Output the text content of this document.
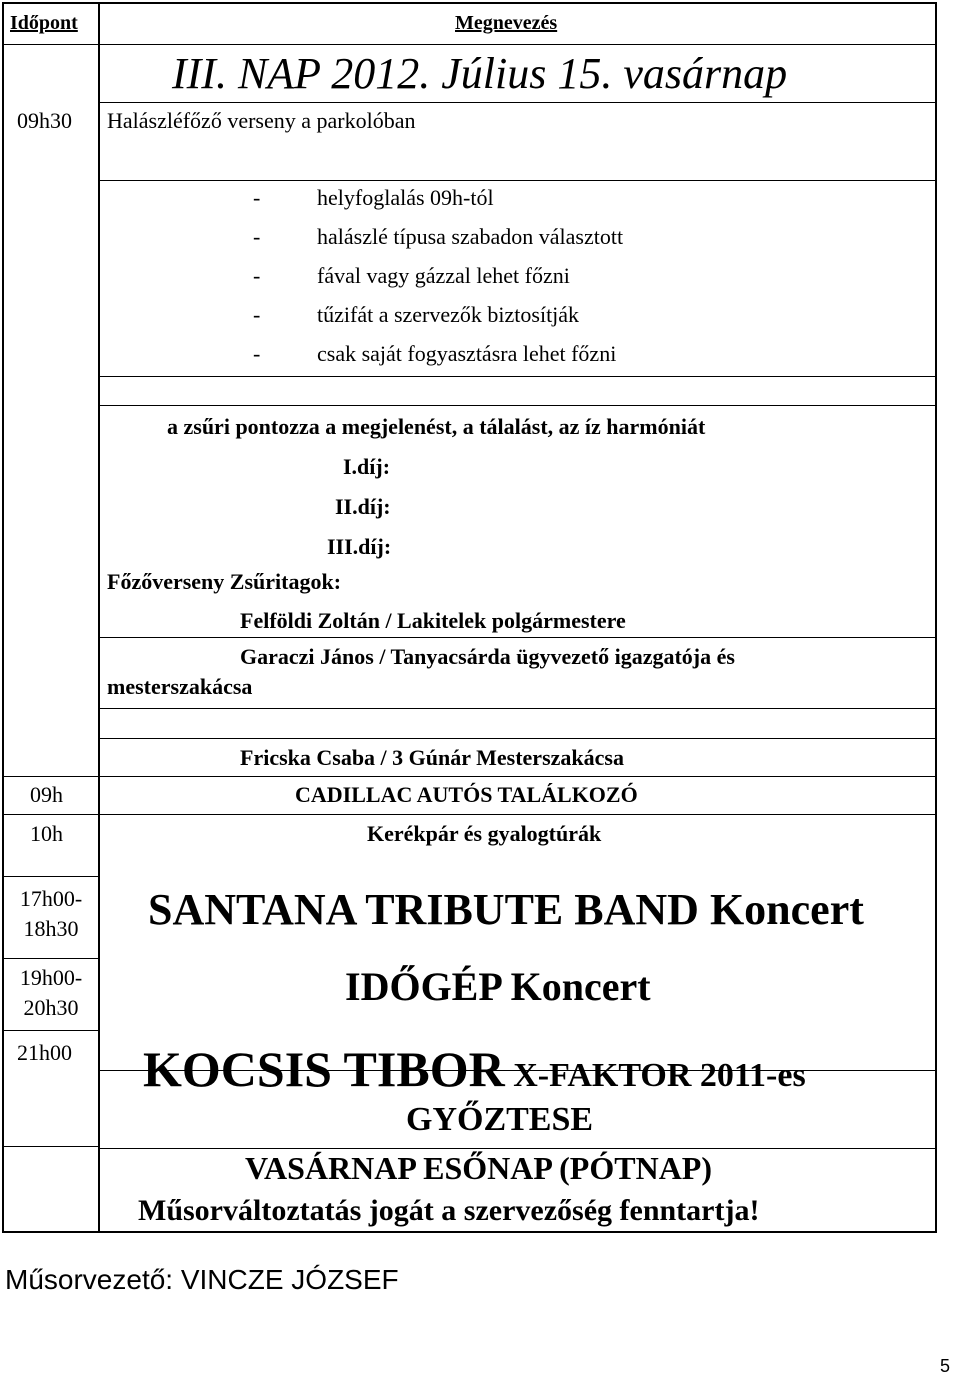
Időpont	Megnevezés
III. NAP 2012. Július 15. vasárnap
09h30 Halászléfőző verseny a parkolóban
-	helyfoglalás 09h-tól
-	halászlé típusa szabadon választott
-	fával vagy gázzal lehet főzni
-	tűzifát a szervezők biztosítják
-	csak saját fogyasztásra lehet főzni
a zsűri pontozza a megjelenést, a tálalást, az íz harmóniát
I.díj:
II.díj:
III.díj:
Főzőverseny Zsűritagok:
Felföldi Zoltán / Lakitelek polgármestere
Garaczi János / Tanyacsárda ügyvezető igazgatója és
mesterszakácsa
Fricska Csaba / 3 Gúnár Mesterszakácsa
09h	CADILLAC AUTÓS TALÁLKOZÓ
10h	Kerékpár és gyalogtúrák
17h00-
18h30	SANTANA TRIBUTE BAND Koncert
19h00-
20h30	IDŐGÉP Koncert
21h00 KOCSIS TIBOR X-FAKTOR 2011-es
GYŐZTESE
VASÁRNAP ESŐNAP (PÓTNAP)
Műsorváltoztatás jogát a szervezőség fenntartja!
Műsorvezető: VINCZE JÓZSEF
5
